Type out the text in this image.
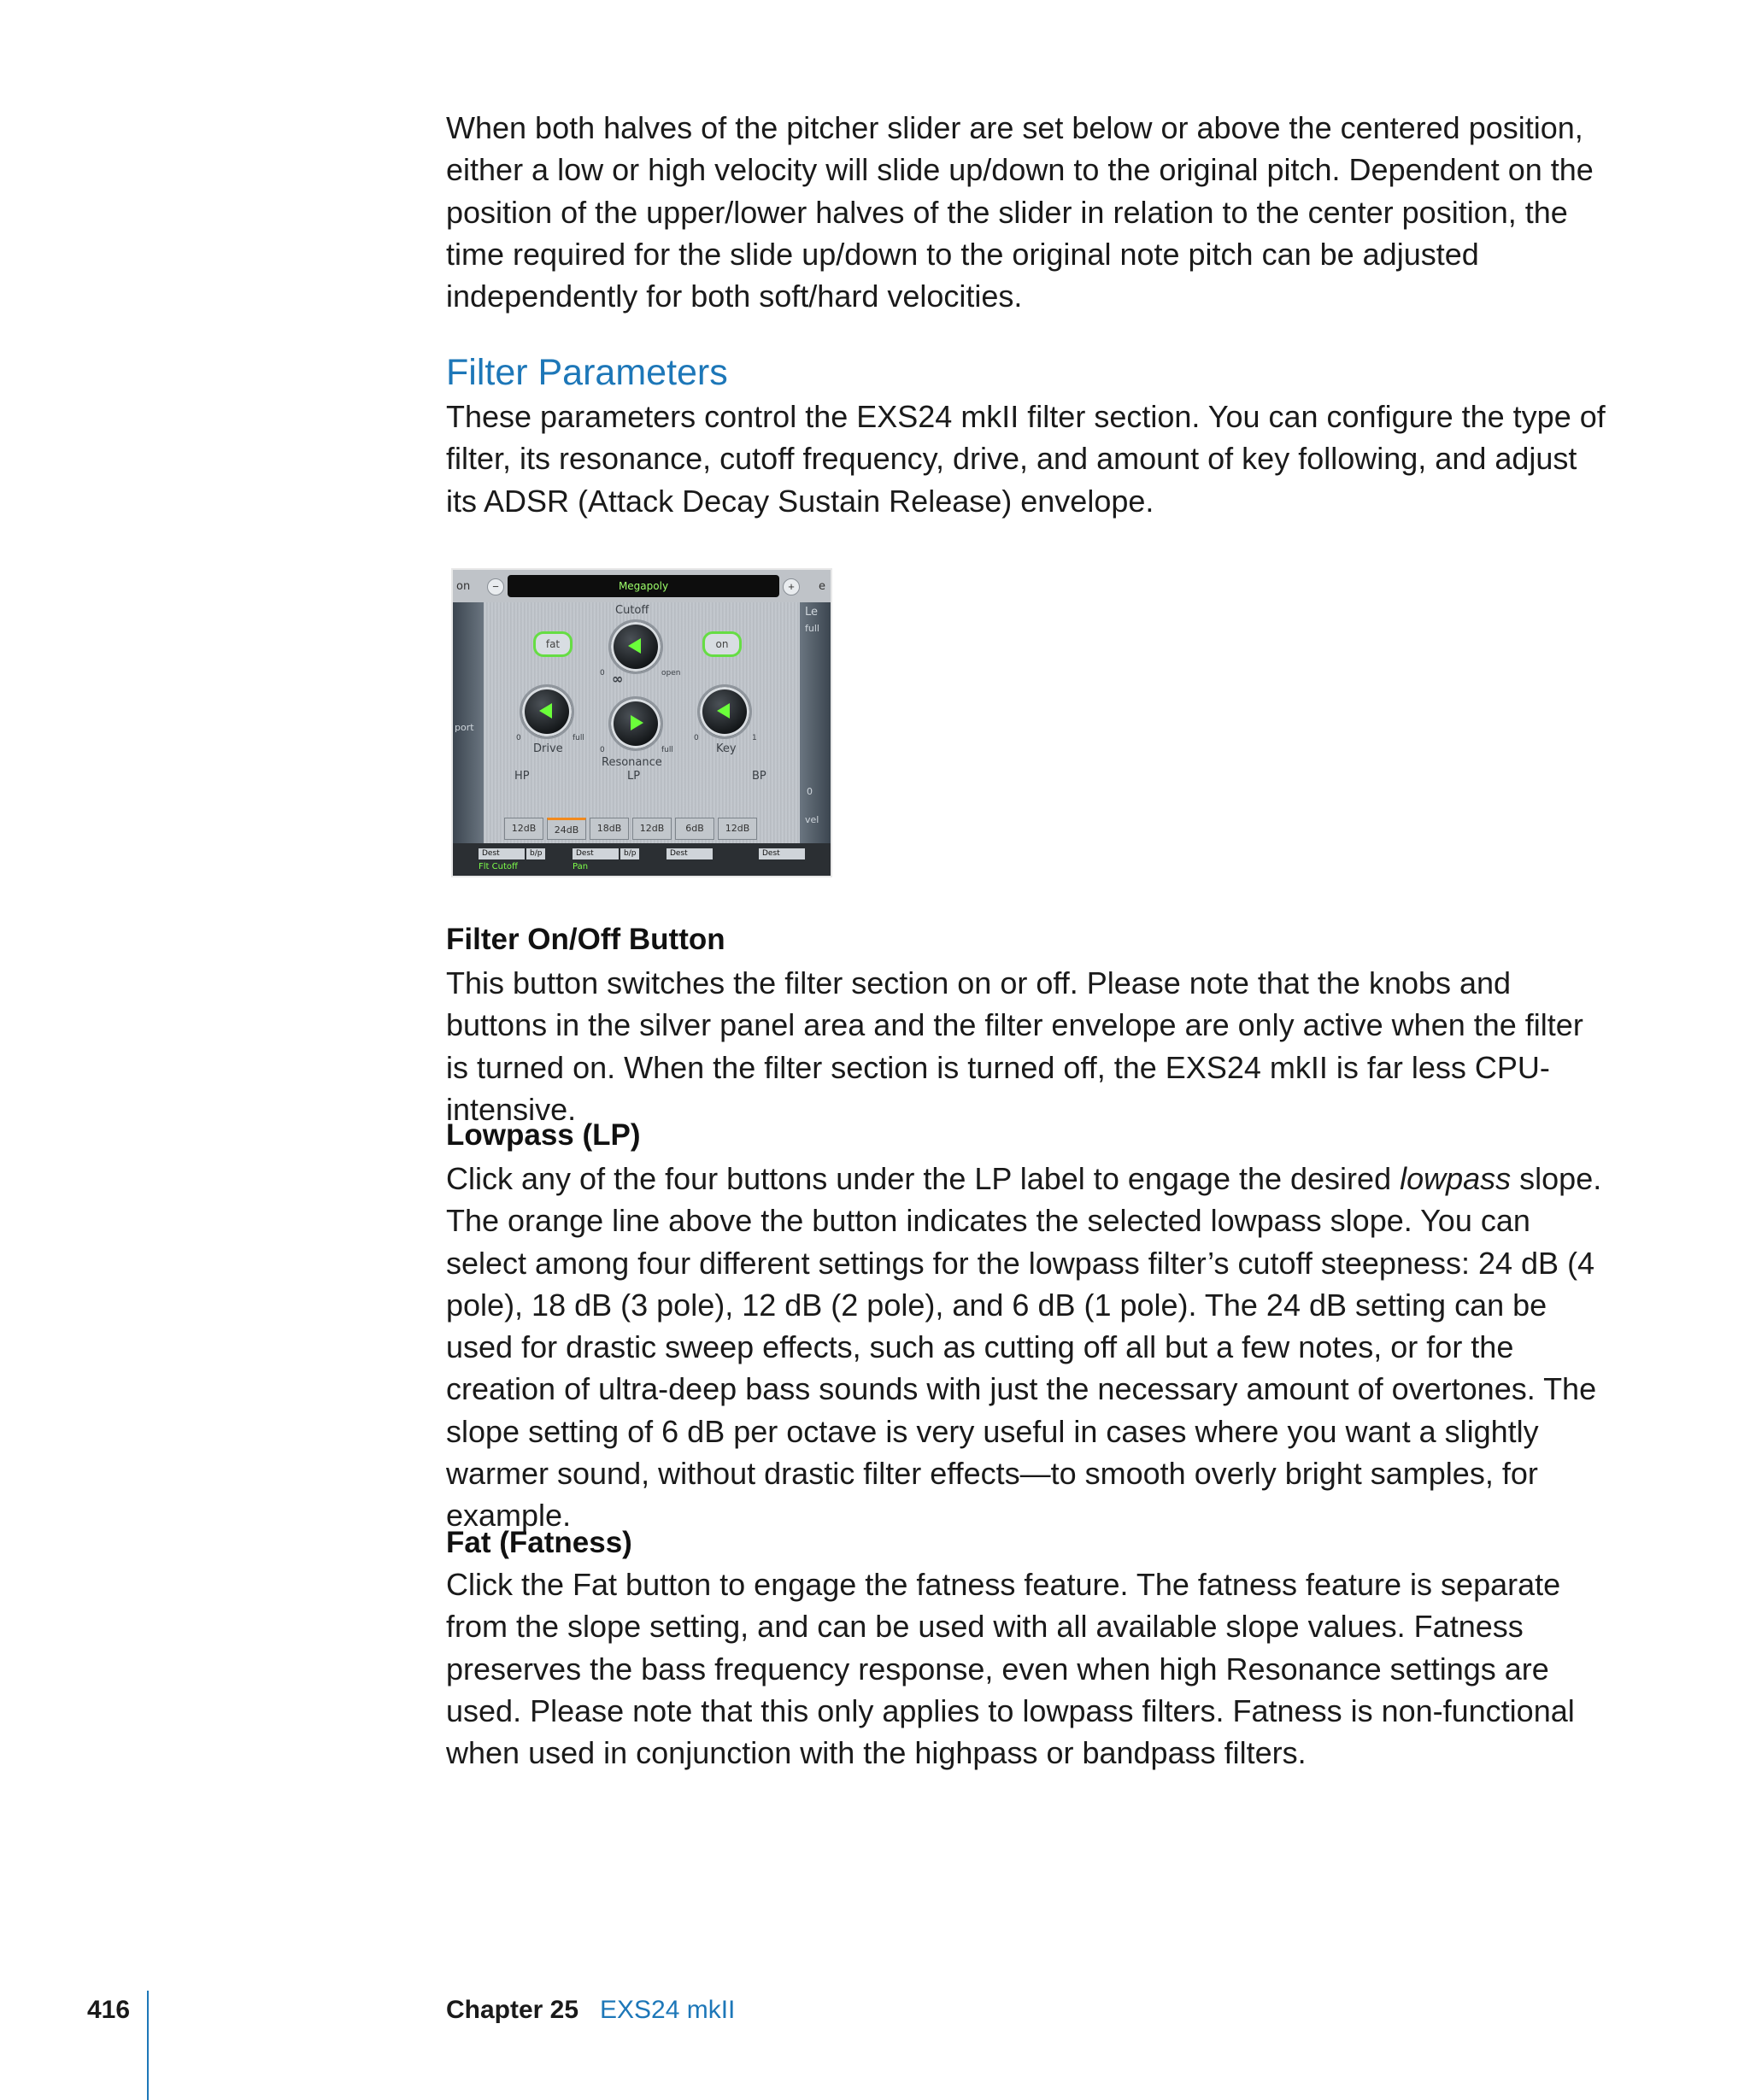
When both halves of the pitcher slider are set below or above the centered position, either a low or high velocity will slide up/down to the original pitch. Dependent on the position of the upper/lower halves of the slider in relation to the center position, the time required for the slide up/down to the original note pitch can be adjusted independently for both soft/hard velocities.

Filter Parameters

These parameters control the EXS24 mkII filter section. You can configure the type of filter, its resonance, cutoff frequency, drive, and amount of key following, and adjust its ADSR (Attack Decay Sustain Release) envelope.

on	−	Megapoly	+	e
port
Le
full
0
vel
Cutoff
0	open
fat	on
∞
0	full
Drive	0	full
Resonance
0	1
Key
HP	LP	BP
12dB	24dB	18dB	12dB	6dB	12dB
Dest	b/p	Dest	b/p	Dest	Dest
Flt Cutoff	Pan
Filter On/Off Button

This button switches the filter section on or off. Please note that the knobs and buttons in the silver panel area and the filter envelope are only active when the filter is turned on. When the filter section is turned off, the EXS24 mkII is far less CPU-intensive.

Lowpass (LP)

Click any of the four buttons under the LP label to engage the desired lowpass slope. The orange line above the button indicates the selected lowpass slope. You can select among four different settings for the lowpass filter’s cutoff steepness: 24 dB (4 pole), 18 dB (3 pole), 12 dB (2 pole), and 6 dB (1 pole). The 24 dB setting can be used for drastic sweep effects, such as cutting off all but a few notes, or for the creation of ultra-deep bass sounds with just the necessary amount of overtones. The slope setting of 6 dB per octave is very useful in cases where you want a slightly warmer sound, without drastic filter effects—to smooth overly bright samples, for example.

Fat (Fatness)

Click the Fat button to engage the fatness feature. The fatness feature is separate from the slope setting, and can be used with all available slope values. Fatness preserves the bass frequency response, even when high Resonance settings are used. Please note that this only applies to lowpass filters. Fatness is non-functional when used in conjunction with the highpass or bandpass filters.

416	Chapter 25 EXS24 mkII
